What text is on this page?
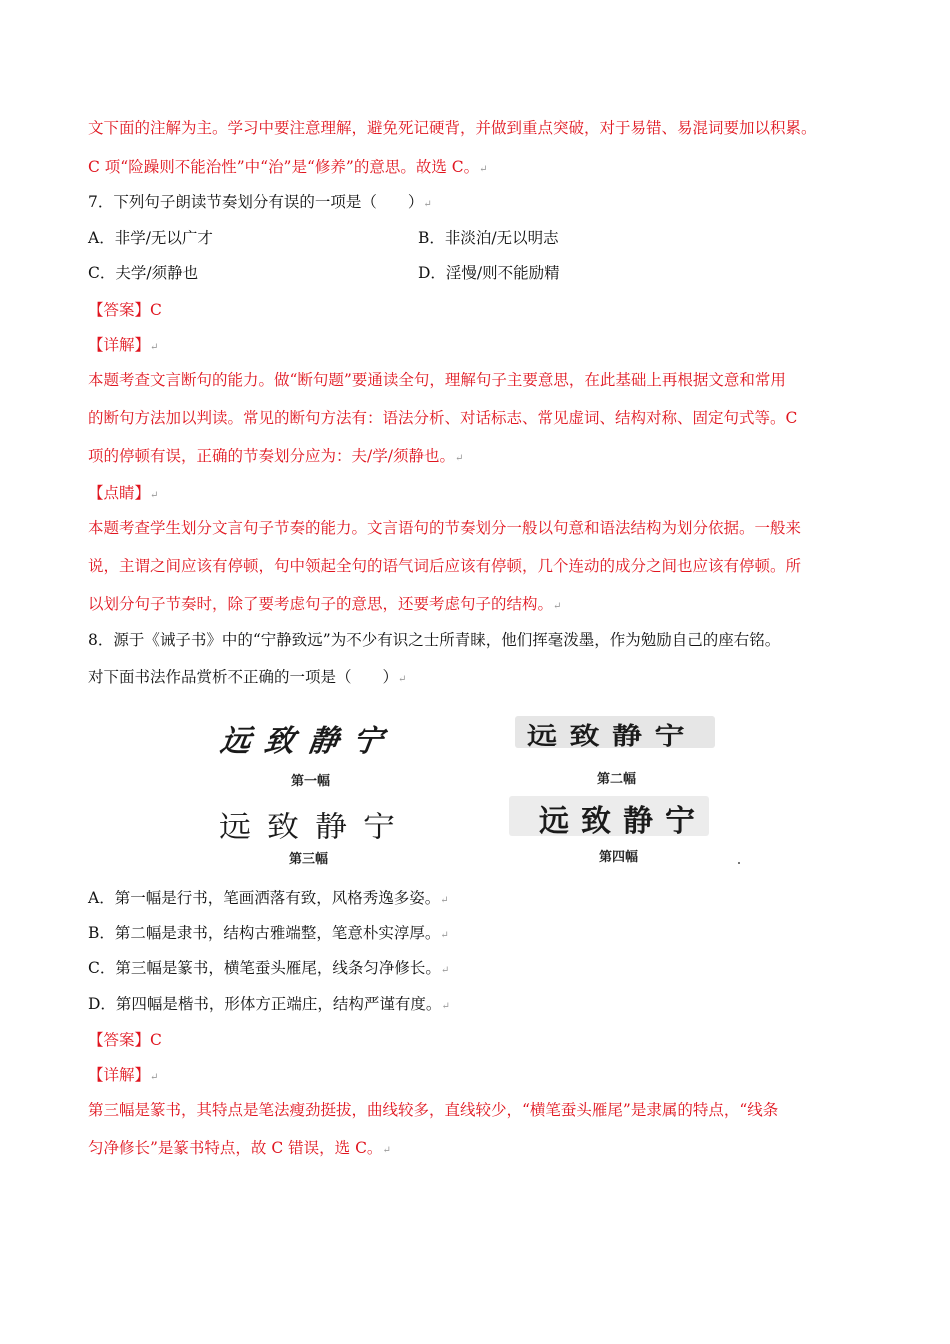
文下面的注解为主。学习中要注意理解，避免死记硬背，并做到重点突破，对于易错、易混词要加以积累。
C 项“险躁则不能治性”中“治”是“修养”的意思。故选 C。↵
7．下列句子朗读节奏划分有误的一项是（　　）↵
A．非学/无以广才	B．非淡泊/无以明志
C．夫学/须静也	D．淫慢/则不能励精
【答案】C
【详解】↵
本题考查文言断句的能力。做“断句题”要通读全句，理解句子主要意思，在此基础上再根据文意和常用
的断句方法加以判读。常见的断句方法有：语法分析、对话标志、常见虚词、结构对称、固定句式等。C
项的停顿有误，正确的节奏划分应为：夫/学/须静也。↵
【点睛】↵
本题考查学生划分文言句子节奏的能力。文言语句的节奏划分一般以句意和语法结构为划分依据。一般来
说，主谓之间应该有停顿，句中领起全句的语气词后应该有停顿，几个连动的成分之间也应该有停顿。所
以划分句子节奏时，除了要考虑句子的意思，还要考虑句子的结构。↵
8．源于《诫子书》中的“宁静致远”为不少有识之士所青睐，他们挥毫泼墨，作为勉励自己的座右铭。
对下面书法作品赏析不正确的一项是（　　）↵
远致静宁
第一幅
远致静宁
第三幅
远致静宁
第二幅
远致静宁
第四幅
A．第一幅是行书，笔画洒落有致，风格秀逸多姿。↵
B．第二幅是隶书，结构古雅端整，笔意朴实淳厚。↵
C．第三幅是篆书，横笔蚕头雁尾，线条匀净修长。↵
D．第四幅是楷书，形体方正端庄，结构严谨有度。↵
【答案】C
【详解】↵
第三幅是篆书，其特点是笔法瘦劲挺拔，曲线较多，直线较少，“横笔蚕头雁尾”是隶属的特点，“线条
匀净修长”是篆书特点，故 C 错误，选 C。↵
